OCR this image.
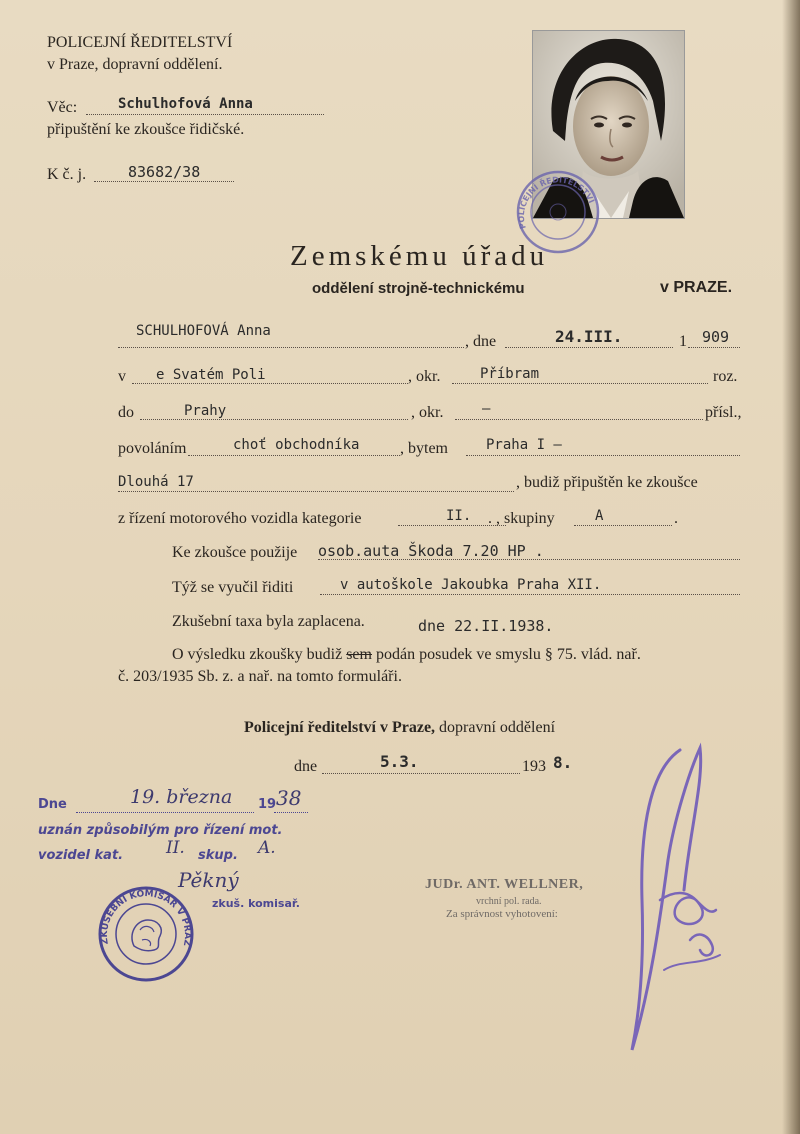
POLICEJNÍ ŘEDITELSTVÍ
v Praze, dopravní oddělení.
Věc:	Schulhofová Anna
připuštění ke zkoušce řidičské.
K č. j.	83682/38
POLICEJNÍ ŘEDITELSTVÍ
Zemskému úřadu
oddělení strojně-technickému	v PRAZE.
SCHULHOFOVÁ Anna
, dne	24.III.	1 909
v e Svatém Poli	, okr.	Příbram	roz.
do	Prahy	, okr.	–	přísl.,
povoláním	choť obchodníka	, bytem	Praha I –
Dlouhá 17	, budiž připuštěn ke zkoušce
z řízení motorového vozidla kategorie	II. . , skupiny	A	.
Ke zkoušce použije osob.auta Škoda 7.20 HP .
Týž se vyučil řiditi	v autoškole Jakoubka Praha XII.
Zkušební taxa byla zaplacena.	dne 22.II.1938.
O výsledku zkoušky budiž sem podán posudek ve smyslu § 75. vlád. nař.
č. 203/1935 Sb. z. a nař. na tomto formuláři.
Policejní ředitelství v Praze, dopravní oddělení
dne	5.3.	193 8.
Dne	19. března 19 38
uznán způsobilým pro řízení mot.
vozidel kat.	II. skup. A.
Pěkný
zkuš. komisař.
ZKUŠEBNÍ KOMISAŘ V PRAZ
JUDr. ANT. WELLNER,
vrchní pol. rada.
Za správnost vyhotovení:
